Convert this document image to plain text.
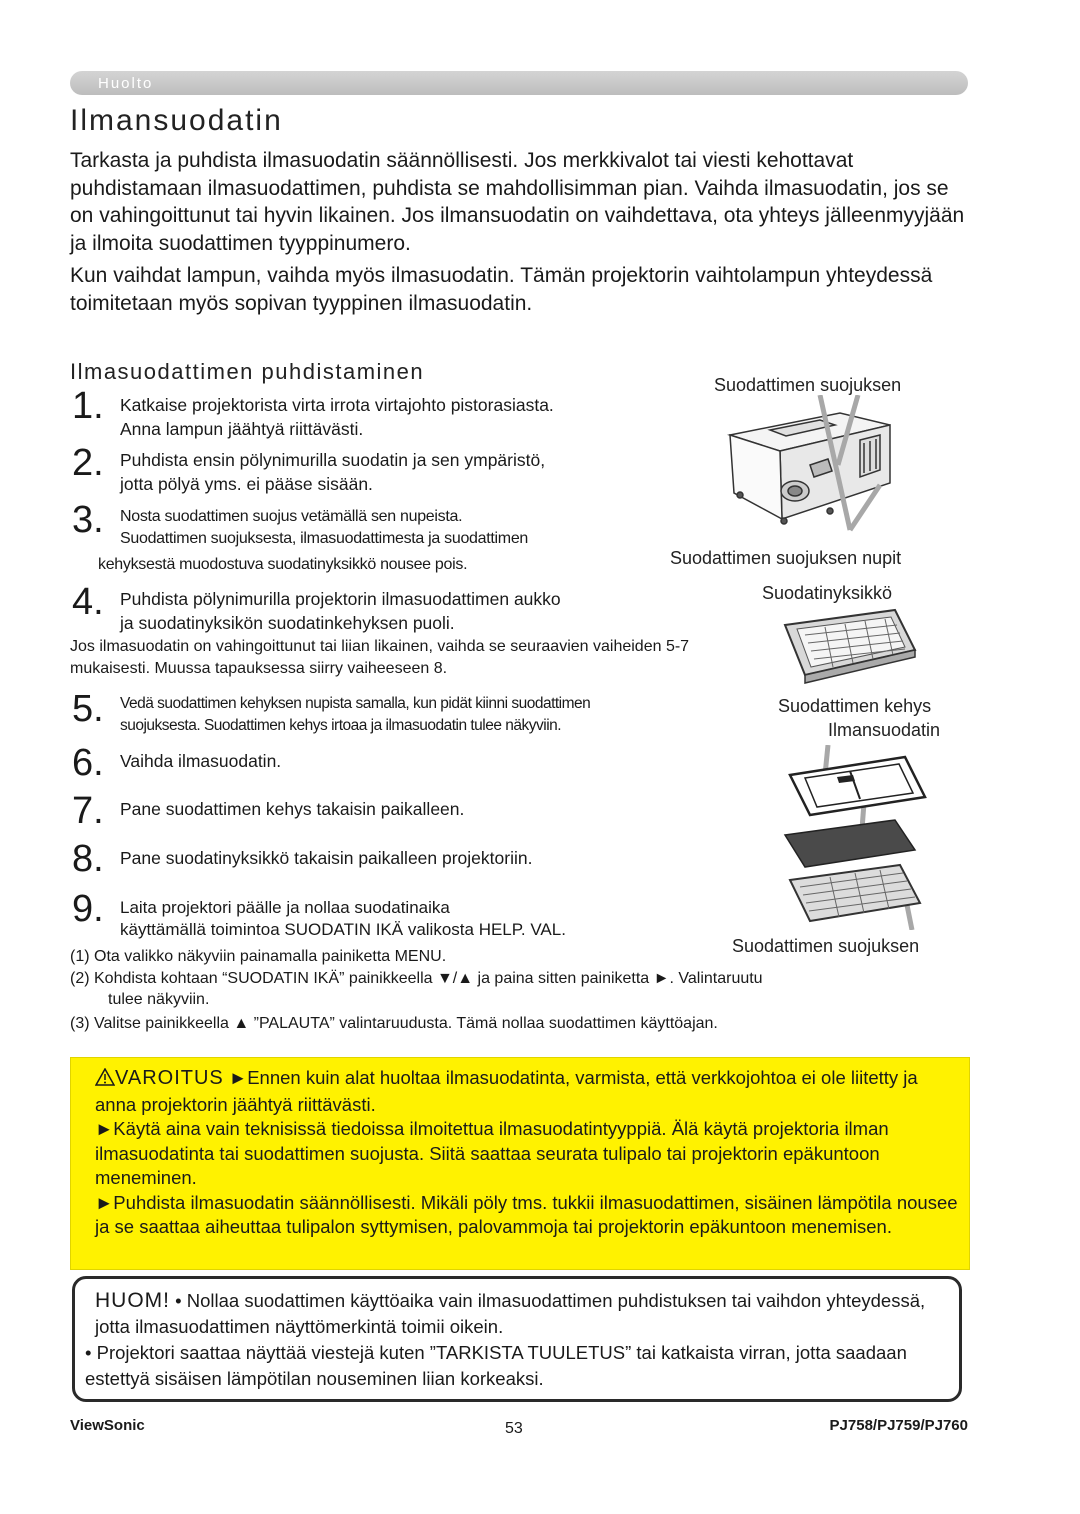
Huolto
Ilmansuodatin
Tarkasta ja puhdista ilmasuodatin säännöllisesti. Jos merkkivalot tai viesti kehottavat puhdistamaan ilmasuodattimen, puhdista se mahdollisimman pian. Vaihda ilmasuodatin, jos se on vahingoittunut tai hyvin likainen. Jos ilmansuodatin on vaihdettava, ota yhteys jälleenmyyjään ja ilmoita suodattimen tyyppinumero.
Kun vaihdat lampun, vaihda myös ilmasuodatin. Tämän projektorin vaihtolampun yhteydessä toimitetaan myös sopivan tyyppinen ilmasuodatin.
Ilmasuodattimen puhdistaminen
1. Katkaise projektorista virta irrota virtajohto pistorasiasta.
Anna lampun jäähtyä riittävästi.
2. Puhdista ensin pölynimurilla suodatin ja sen ympäristö,
jotta pölyä yms. ei pääse sisään.
3. Nosta suodattimen suojus vetämällä sen nupeista.
Suodattimen suojuksesta, ilmasuodattimesta ja suodattimen
kehyksestä muodostuva suodatinyksikkö nousee pois.
4. Puhdista pölynimurilla projektorin ilmasuodattimen aukko
ja suodatinyksikön suodatinkehyksen puoli.
Jos ilmasuodatin on vahingoittunut tai liian likainen, vaihda se seuraavien vaiheiden 5-7 mukaisesti. Muussa tapauksessa siirry vaiheeseen 8.
5. Vedä suodattimen kehyksen nupista samalla, kun pidät kiinni suodattimen
suojuksesta. Suodattimen kehys irtoaa ja ilmasuodatin tulee näkyviin.
6. Vaihda ilmasuodatin.
7. Pane suodattimen kehys takaisin paikalleen.
8. Pane suodatinyksikkö takaisin paikalleen projektoriin.
9. Laita projektori päälle ja nollaa suodatinaika
käyttämällä toimintoa SUODATIN IKÄ valikosta HELP. VAL.
(1) Ota valikko näkyviin painamalla painiketta MENU.
(2) Kohdista kohtaan “SUODATIN IKÄ” painikkeella ▼/▲ ja paina sitten painiketta ►. Valintaruutu
tulee näkyviin.
(3) Valitse painikkeella ▲ ”PALAUTA” valintaruudusta. Tämä nollaa suodattimen käyttöajan.
Suodattimen suojuksen
Suodattimen suojuksen nupit
Suodatinyksikkö
Suodattimen kehys
Ilmansuodatin
Suodattimen suojuksen
VAROITUS ►Ennen kuin alat huoltaa ilmasuodatinta, varmista, että verkkojohtoa ei ole liitetty ja anna projektorin jäähtyä riittävästi.
►Käytä aina vain teknisissä tiedoissa ilmoitettua ilmasuodatintyyppiä. Älä käytä projektoria ilman ilmasuodatinta tai suodattimen suojusta. Siitä saattaa seurata tulipalo tai projektorin epäkuntoon meneminen.
►Puhdista ilmasuodatin säännöllisesti. Mikäli pöly tms. tukkii ilmasuodattimen, sisäinen lämpötila nousee ja se saattaa aiheuttaa tulipalon syttymisen, palovammoja tai projektorin epäkuntoon menemisen.
HUOM! • Nollaa suodattimen käyttöaika vain ilmasuodattimen puhdistuksen tai vaihdon yhteydessä, jotta ilmasuodattimen näyttömerkintä toimii oikein.
• Projektori saattaa näyttää viestejä kuten ”TARKISTA TUULETUS” tai katkaista virran, jotta saadaan estettyä sisäisen lämpötilan nouseminen liian korkeaksi.
ViewSonic	53	PJ758/PJ759/PJ760
